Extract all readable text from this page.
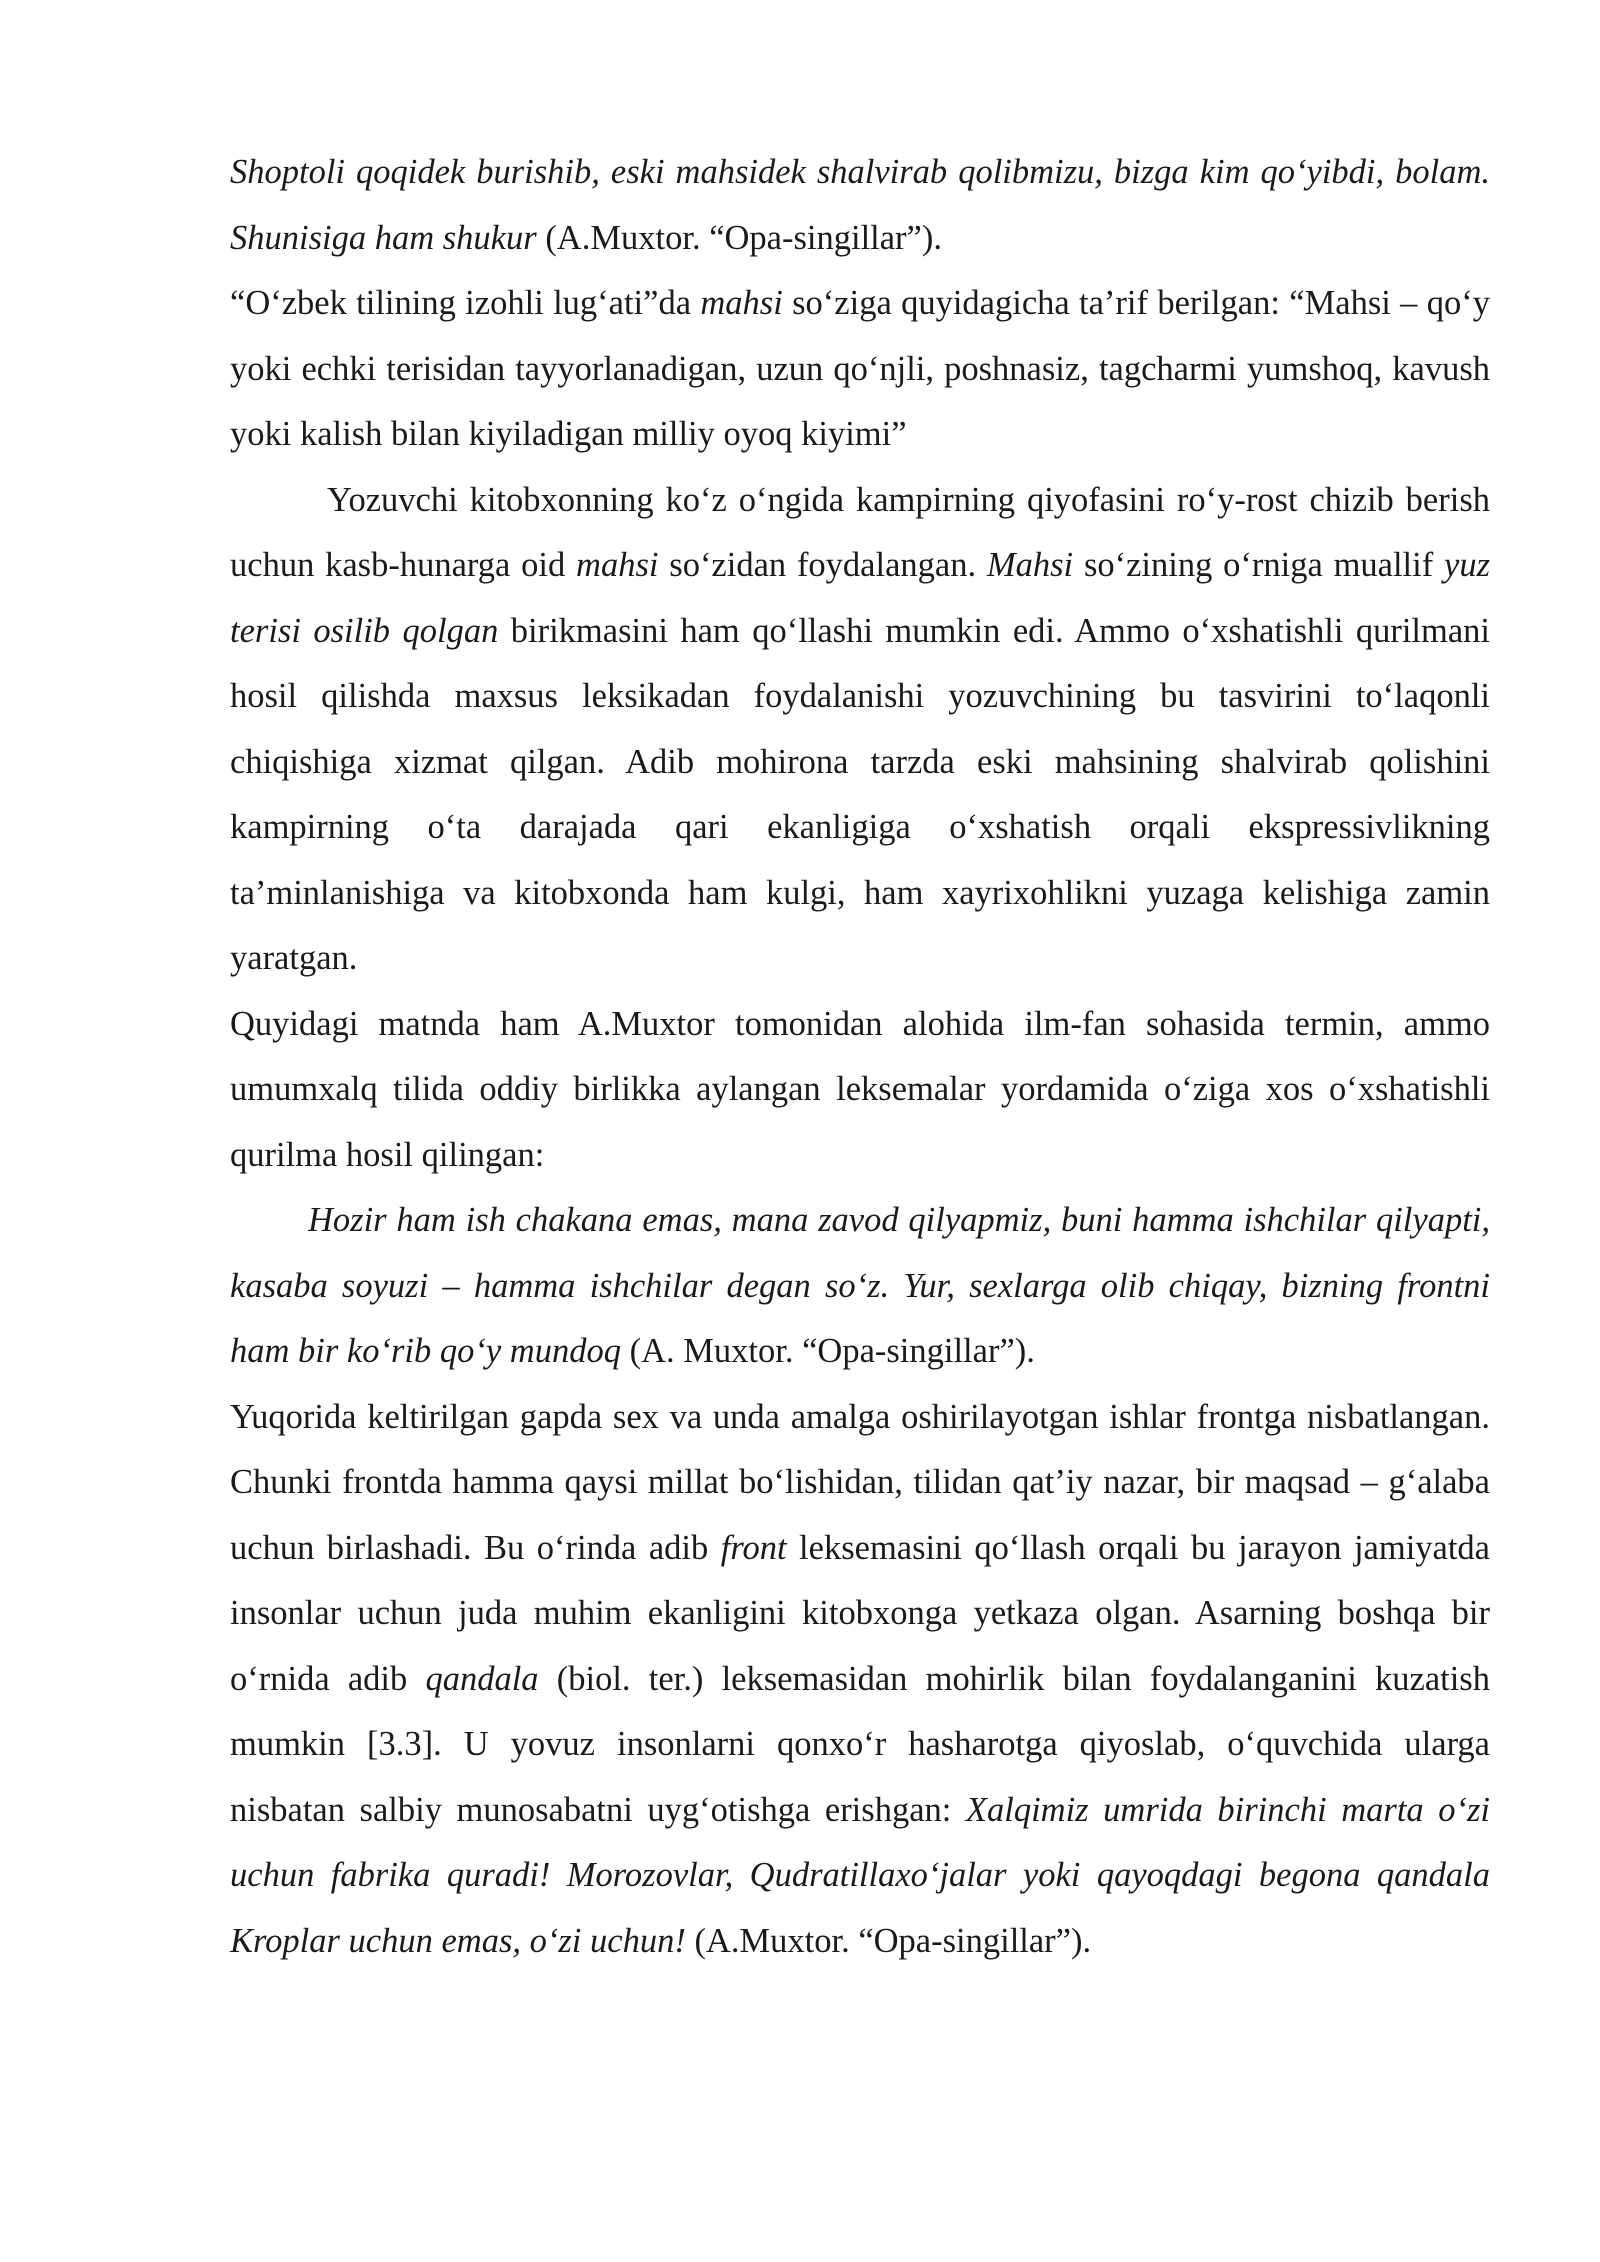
Shoptoli qoqidek burishib, eski mahsidek shalvirab qolibmizu, bizga kim qo‘yibdi, bolam. Shunisiga ham shukur (A.Muxtor. “Opa-singillar”).

“O‘zbek tilining izohli lug‘ati”da mahsi so‘ziga quyidagicha ta’rif berilgan: “Mahsi – qo‘y yoki echki terisidan tayyorlanadigan, uzun qo‘njli, poshnasiz, tagcharmi yumshoq, kavush yoki kalish bilan kiyiladigan milliy oyoq kiyimi”

Yozuvchi kitobxonning ko‘z o‘ngida kampirning qiyofasini ro‘y-rost chizib berish uchun kasb-hunarga oid mahsi so‘zidan foydalangan. Mahsi so‘zining o‘rniga muallif yuz terisi osilib qolgan birikmasini ham qo‘llashi mumkin edi. Ammo o‘xshatishli qurilmani hosil qilishda maxsus leksikadan foydalanishi yozuvchining bu tasvirini to‘laqonli chiqishiga xizmat qilgan. Adib mohirona tarzda eski mahsining shalvirab qolishini kampirning o‘ta darajada qari ekanligiga o‘xshatish orqali ekspressivlikning ta’minlanishiga va kitobxonda ham kulgi, ham xayrixohlikni yuzaga kelishiga zamin yaratgan.

Quyidagi matnda ham A.Muxtor tomonidan alohida ilm-fan sohasida termin, ammo umumxalq tilida oddiy birlikka aylangan leksemalar yordamida o‘ziga xos o‘xshatishli qurilma hosil qilingan:

Hozir ham ish chakana emas, mana zavod qilyapmiz, buni hamma ishchilar qilyapti, kasaba soyuzi – hamma ishchilar degan so‘z. Yur, sexlarga olib chiqay, bizning frontni ham bir ko‘rib qo‘y mundoq (A. Muxtor. “Opa-singillar”).

Yuqorida keltirilgan gapda sex va unda amalga oshirilayotgan ishlar frontga nisbatlangan. Chunki frontda hamma qaysi millat bo‘lishidan, tilidan qat’iy nazar, bir maqsad – g‘alaba uchun birlashadi. Bu o‘rinda adib front leksemasini qo‘llash orqali bu jarayon jamiyatda insonlar uchun juda muhim ekanligini kitobxonga yetkaza olgan. Asarning boshqa bir o‘rnida adib qandala (biol. ter.) leksemasidan mohirlik bilan foydalanganini kuzatish mumkin [3.3]. U yovuz insonlarni qonxo‘r hasharotga qiyoslab, o‘quvchida ularga nisbatan salbiy munosabatni uyg‘otishga erishgan: Xalqimiz umrida birinchi marta o‘zi uchun fabrika quradi! Morozovlar, Qudratillaxo‘jalar yoki qayoqdagi begona qandala Kroplar uchun emas, o‘zi uchun! (A.Muxtor. “Opa-singillar”).
